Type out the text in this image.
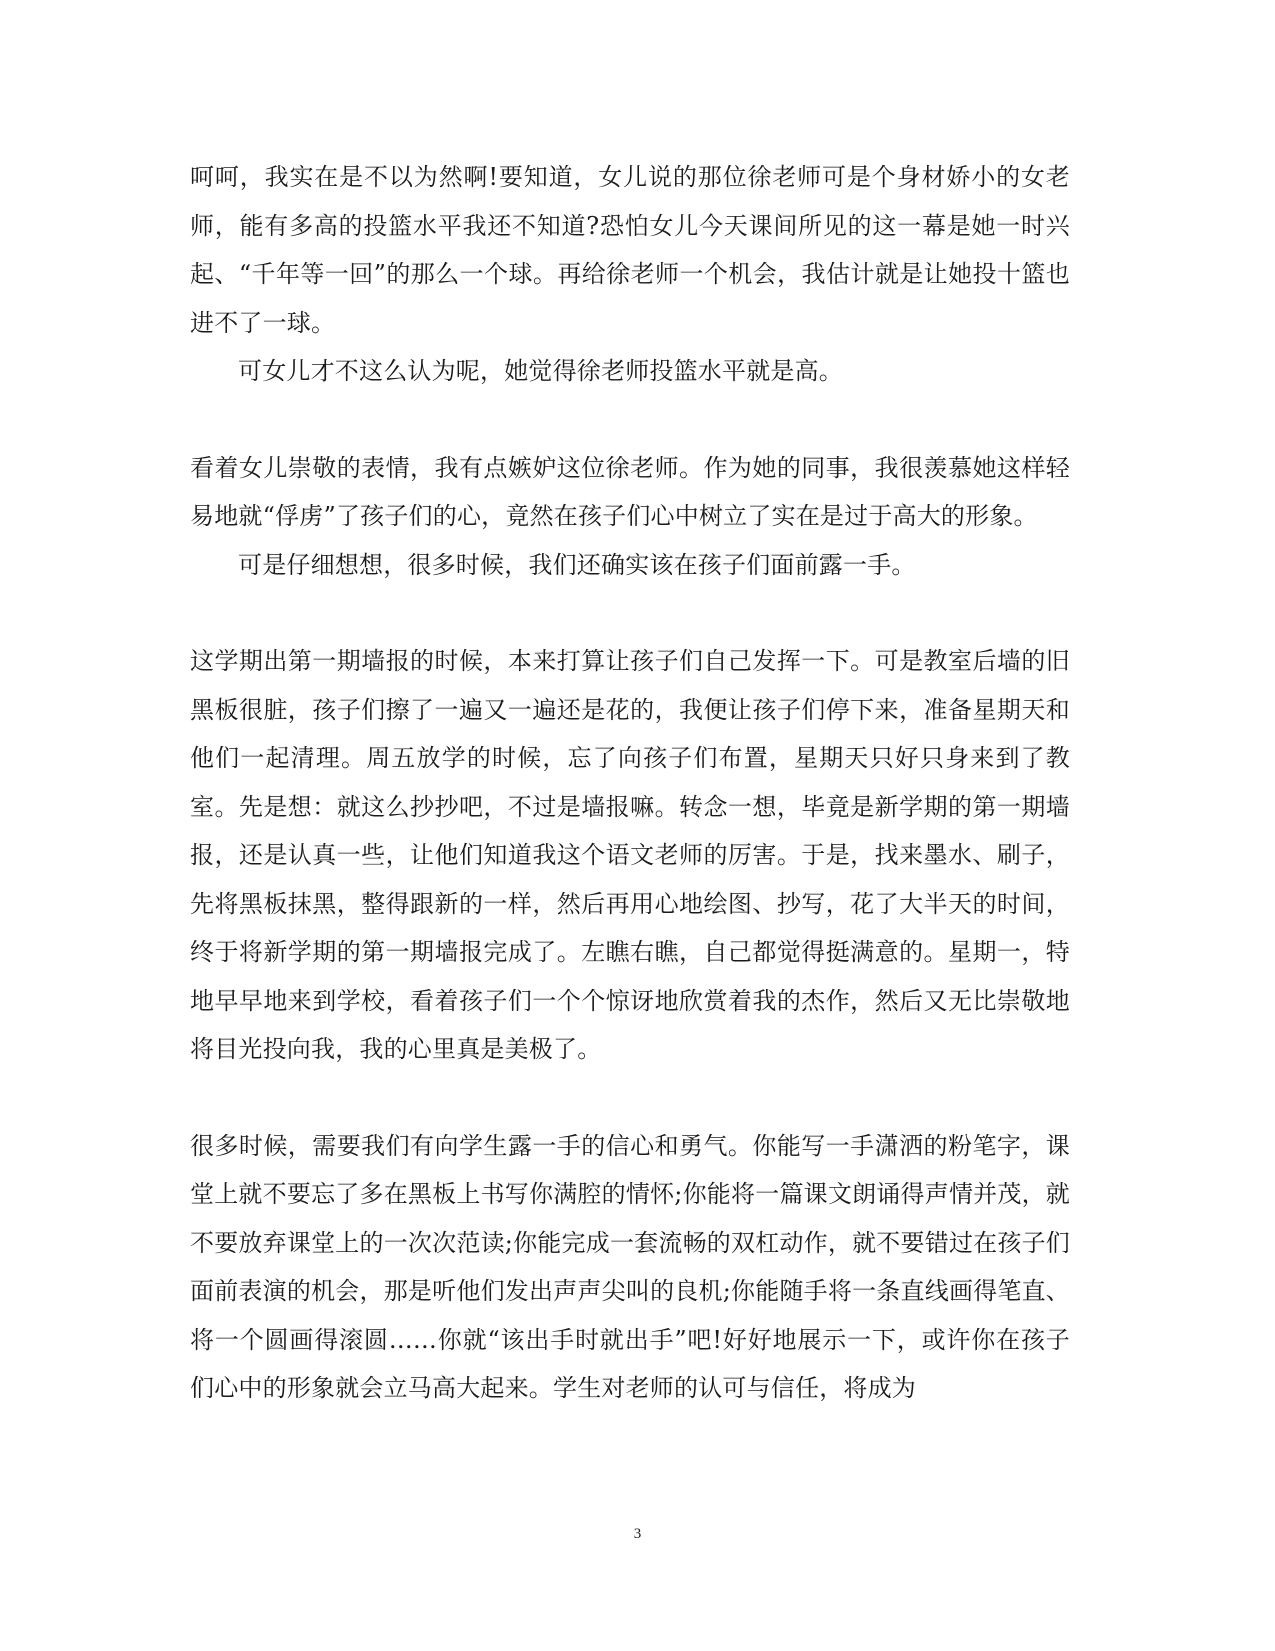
呵呵，我实在是不以为然啊!要知道，女儿说的那位徐老师可是个身材娇小的女老师，能有多高的投篮水平我还不知道?恐怕女儿今天课间所见的这一幕是她一时兴起、“千年等一回”的那么一个球。再给徐老师一个机会，我估计就是让她投十篮也进不了一球。

可女儿才不这么认为呢，她觉得徐老师投篮水平就是高。

看着女儿崇敬的表情，我有点嫉妒这位徐老师。作为她的同事，我很羡慕她这样轻易地就“俘虏”了孩子们的心，竟然在孩子们心中树立了实在是过于高大的形象。

可是仔细想想，很多时候，我们还确实该在孩子们面前露一手。

这学期出第一期墙报的时候，本来打算让孩子们自己发挥一下。可是教室后墙的旧黑板很脏，孩子们擦了一遍又一遍还是花的，我便让孩子们停下来，准备星期天和他们一起清理。周五放学的时候，忘了向孩子们布置，星期天只好只身来到了教室。先是想：就这么抄抄吧，不过是墙报嘛。转念一想，毕竟是新学期的第一期墙报，还是认真一些，让他们知道我这个语文老师的厉害。于是，找来墨水、刷子，先将黑板抹黑，整得跟新的一样，然后再用心地绘图、抄写，花了大半天的时间，终于将新学期的第一期墙报完成了。左瞧右瞧，自己都觉得挺满意的。星期一，特地早早地来到学校，看着孩子们一个个惊讶地欣赏着我的杰作，然后又无比崇敬地将目光投向我，我的心里真是美极了。

很多时候，需要我们有向学生露一手的信心和勇气。你能写一手潇洒的粉笔字，课堂上就不要忘了多在黑板上书写你满腔的情怀;你能将一篇课文朗诵得声情并茂，就不要放弃课堂上的一次次范读;你能完成一套流畅的双杠动作，就不要错过在孩子们面前表演的机会，那是听他们发出声声尖叫的良机;你能随手将一条直线画得笔直、将一个圆画得滚圆……你就“该出手时就出手”吧!好好地展示一下，或许你在孩子们心中的形象就会立马高大起来。学生对老师的认可与信任，将成为

3
